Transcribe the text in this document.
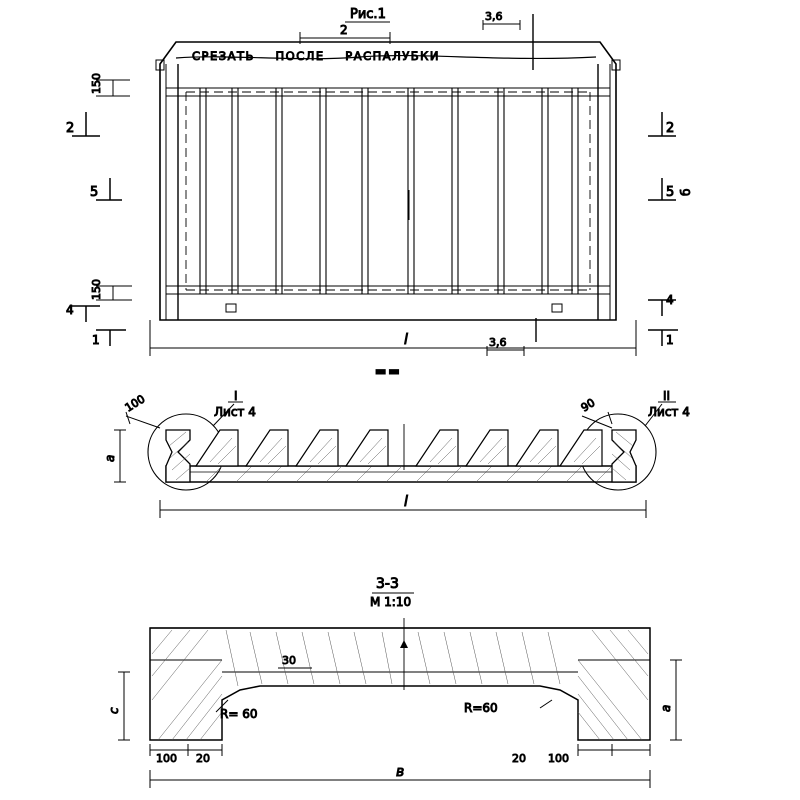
Рис.1
2
3,6
СРЕЗАТЬ    ПОСЛЕ    РАСПАЛУБКИ
150
2
5
150
4
1
2
5 б
4
1
l	3,6
▬▬
I
Лист 4
II
Лист 4
100	90
a
l
3-3
М 1:10
30
R= 60	R=60
c	a
100 20	20 100
в
